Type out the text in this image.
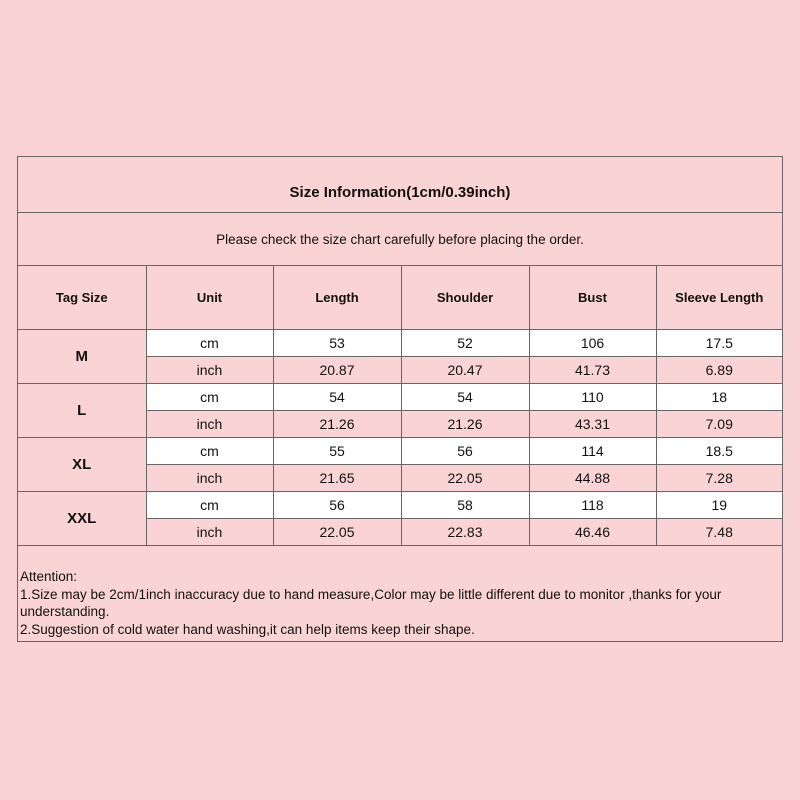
Size Information(1cm/0.39inch)
Please check the size chart carefully before placing the order.
Tag Size	Unit	Length	Shoulder	Bust	Sleeve Length
M	cm	53	52	106	17.5
	inch	20.87	20.47	41.73	6.89
L	cm	54	54	110	18
	inch	21.26	21.26	43.31	7.09
XL	cm	55	56	114	18.5
	inch	21.65	22.05	44.88	7.28
XXL	cm	56	58	118	19
	inch	22.05	22.83	46.46	7.48
Attention:
1.Size may be 2cm/1inch inaccuracy due to hand measure,Color may be little different due to monitor ,thanks for your
understanding.
2.Suggestion of cold water hand washing,it can help items keep their shape.
